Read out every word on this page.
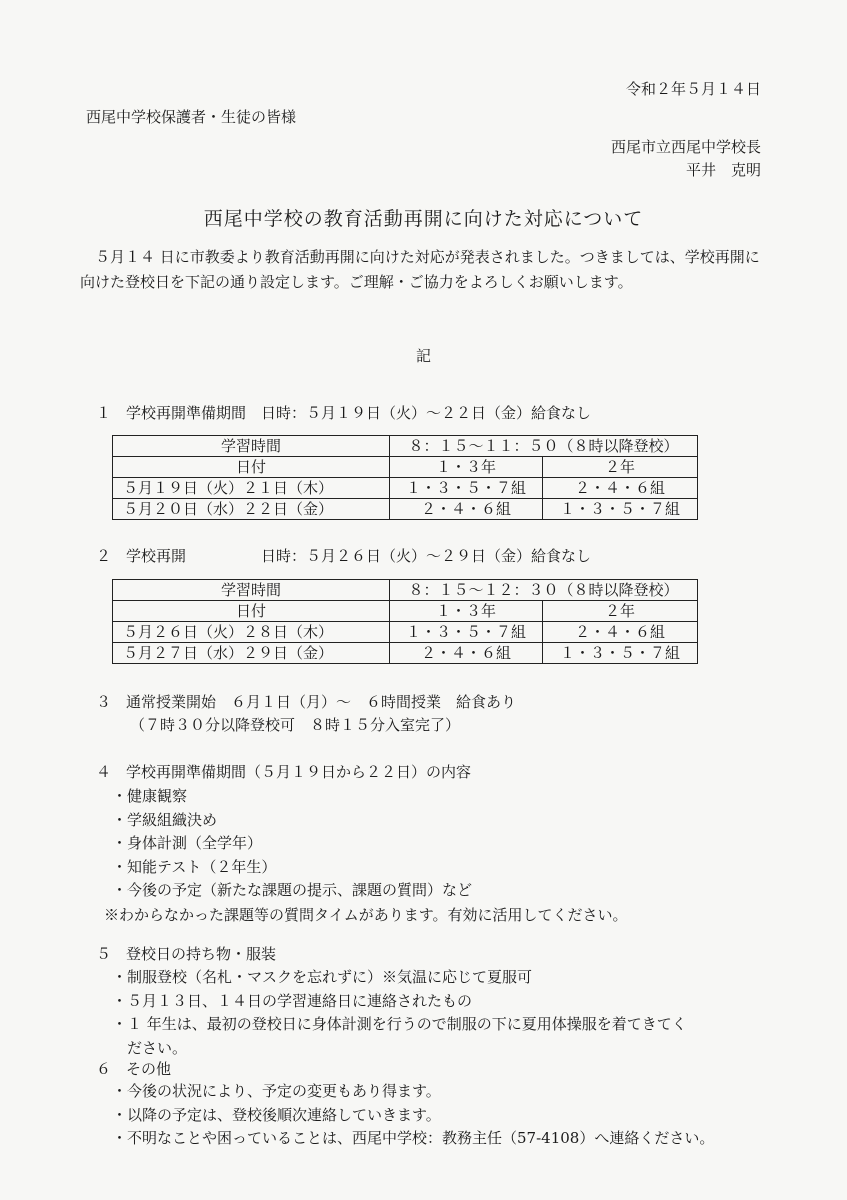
令和２年５月１４日
西尾中学校保護者・生徒の皆様
西尾市立西尾中学校長
平井　克明
西尾中学校の教育活動再開に向けた対応について
　５月１４ 日に市教委より教育活動再開に向けた対応が発表されました。つきましては、学校再開に向けた登校日を下記の通り設定します。ご理解・ご協力をよろしくお願いします。
記
１　学校再開準備期間　日時：５月１９日（火）～２２日（金）給食なし
学習時間	８：１５～１１：５０（８時以降登校）	
日付	１・３年	２年
５月１９日（火）２１日（木）	１・３・５・７組	２・４・６組
５月２０日（水）２２日（金）	２・４・６組	１・３・５・７組
２　学校再開　　　　　日時：５月２６日（火）～２９日（金）給食なし
学習時間	８：１５～１２：３０（８時以降登校）	
日付	１・３年	２年
５月２６日（火）２８日（木）	１・３・５・７組	２・４・６組
５月２７日（水）２９日（金）	２・４・６組	１・３・５・７組
３　通常授業開始　６月１日（月）～　６時間授業　給食あり
（７時３０分以降登校可　８時１５分入室完了）
４　学校再開準備期間（５月１９日から２２日）の内容
・健康観察
・学級組織決め
・身体計測（全学年）
・知能テスト（２年生）
・今後の予定（新たな課題の提示、課題の質問）など
※わからなかった課題等の質問タイムがあります。有効に活用してください。
５　登校日の持ち物・服装
・制服登校（名札・マスクを忘れずに）※気温に応じて夏服可
・５月１３日、１４日の学習連絡日に連絡されたもの
・１ 年生は、最初の登校日に身体計測を行うので制服の下に夏用体操服を着てきてく
　ださい。
６　その他
・今後の状況により、予定の変更もあり得ます。
・以降の予定は、登校後順次連絡していきます。
・不明なことや困っていることは、西尾中学校：教務主任（57-4108）へ連絡ください。
